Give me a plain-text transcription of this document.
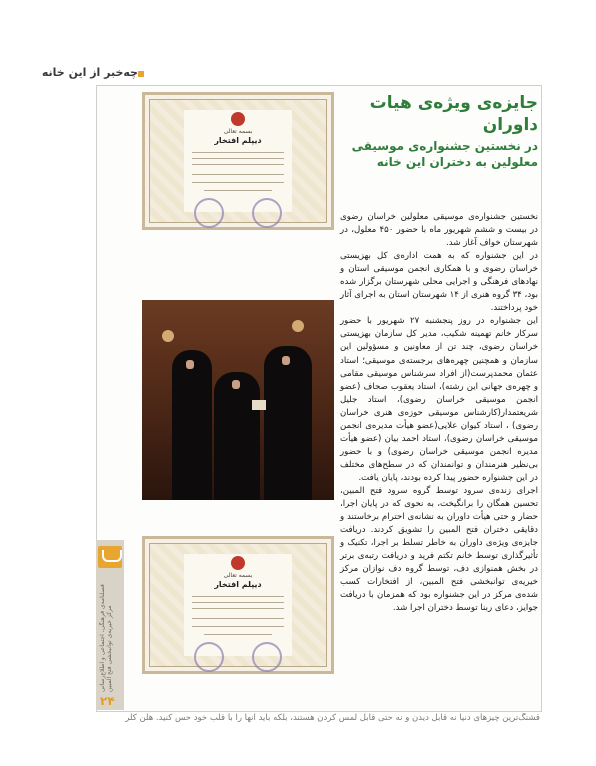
چه‌خبر از این خانه
بسمه تعالی
دیپلم افتخار
جایزه‌ی ویژه‌ی هیات داوران
در نخستین جشنواره‌ی موسیقی معلولین به دختران این خانه
بسمه تعالی
دیپلم افتخار

نخستین جشنواره‌ی موسیقی معلولین خراسان رضوی در بیست و ششم شهریور ماه با حضور ۴۵۰ معلول، در شهرستان خواف آغاز شد.

در این جشنواره که به همت اداره‌ی کل بهزیستی خراسان رضوی و با همکاری انجمن موسیقی استان و نهادهای فرهنگی و اجرایی محلی شهرستان برگزار شده بود، ۳۴ گروه هنری از ۱۴ شهرستان استان به اجرای آثار خود پرداختند.

این جشنواره در روز پنجشنبه ۲۷ شهریور با حضور سرکار خانم تهمینه شکیب، مدیر کل سازمان بهزیستی خراسان رضوی، چند تن از معاونین و مسؤولین این سازمان و همچنین چهره‌های برجسته‌ی موسیقی؛ استاد عثمان محمدپرست(از افراد سرشناس موسیقی مقامی و چهره‌ی جهانی این رشته)، استاد یعقوب صحاف (عضو انجمن موسیقی خراسان رضوی)، استاد جلیل شریعتمدار(کارشناس موسیقی حوزه‌ی هنری خراسان رضوی) ، استاد کیوان علایی(عضو هیأت مدیره‌ی انجمن موسیقی خراسان رضوی)، استاد احمد بیان (عضو هیأت مدیره انجمن موسیقی خراسان رضوی) و با حضور بی‌نظیر هنرمندان و توانمندان که در سطح‌های مختلف در این جشنواره حضور پیدا کرده بودند، پایان یافت.

اجرای زنده‌ی سرود توسط گروه سرود فتح المبین، تحسین همگان را برانگیخت، به نحوی که در پایان اجرا، حضار و حتی هیأت داوران به نشانه‌ی احترام برخاستند و دقایقی دختران فتح المبین را تشویق کردند. دریافت جایزه‌ی ویژه‌ی داوران به خاطر تسلط بر اجرا، تکنیک و تأثیرگذاری توسط خانم تکتم فرید و دریافت رتبه‌ی برتر در بخش همنوازی دف، توسط گروه دف نوازان مرکز خیریه‌ی توانبخشی فتح المبین، از افتخارات کسب شده‌ی مرکز در این جشنواره بود که همزمان با دریافت جوایز، دعای ربنا توسط دختران اجرا شد.

فصلنامه‌ی فرهنگی، اجتماعی و اطلاع‌رسانی مرکز خیریه‌ی توانبخشی فتح المبین
۲۴
قشنگ‌ترین چیزهای دنیا نه قابل دیدن و نه حتی قابل لمس کردن هستند، بلکه باید آنها را با قلب خود حس کنید. هلن کلر
